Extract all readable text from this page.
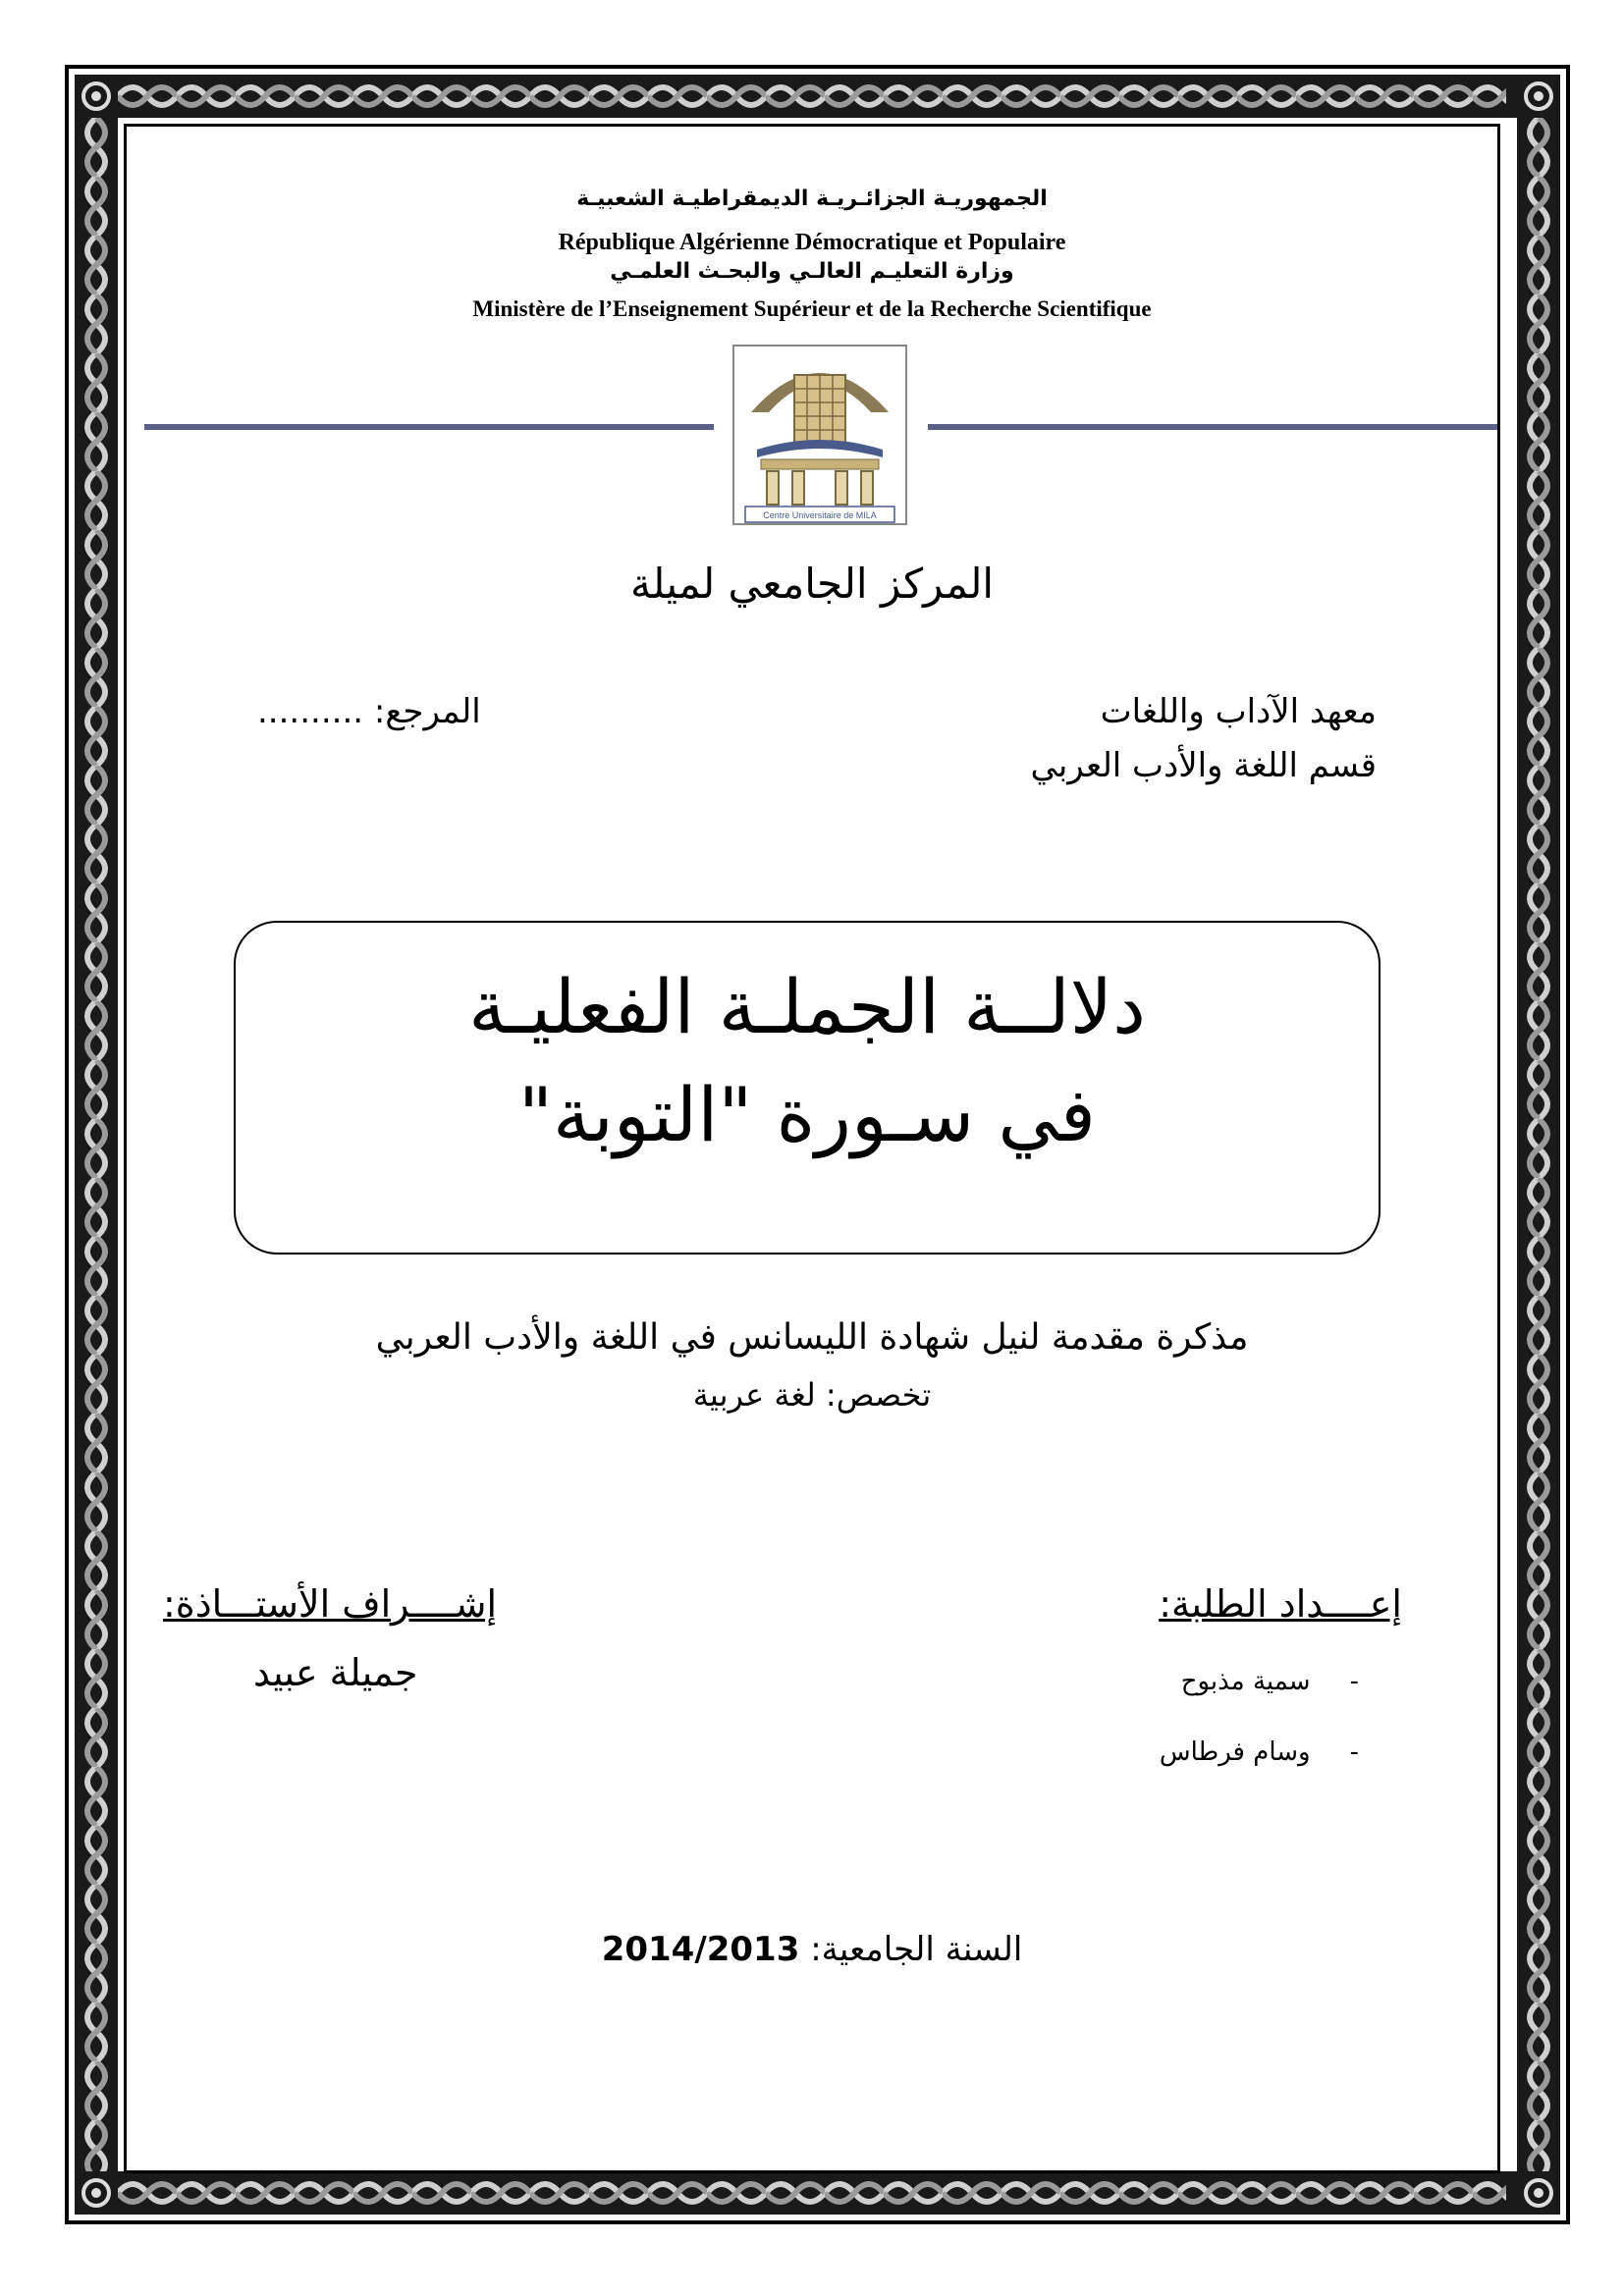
الجمهوريـة الجزائـريـة الديمقراطيـة الشعبيـة
République Algérienne Démocratique et Populaire
وزارة التعليـم العالـي والبحـث العلمـي
Ministère de l’Enseignement Supérieur et de la Recherche Scientifique
Centre Universitaire de MILA
المركز الجامعي لميلة
معهد الآداب واللغات
قسم اللغة والأدب العربي
المرجع: ..........
دلالــة الجملـة الفعليـة
في سـورة "التوبة"
مذكرة مقدمة لنيل شهادة الليسانس في اللغة والأدب العربي
تخصص: لغة عربية
إعــــداد الطلبة:
إشــــراف الأستـــاذة:
جميلة عبيد	-
سمية مذبوح
-
وسام فرطاس
السنة الجامعية: 2014/2013
